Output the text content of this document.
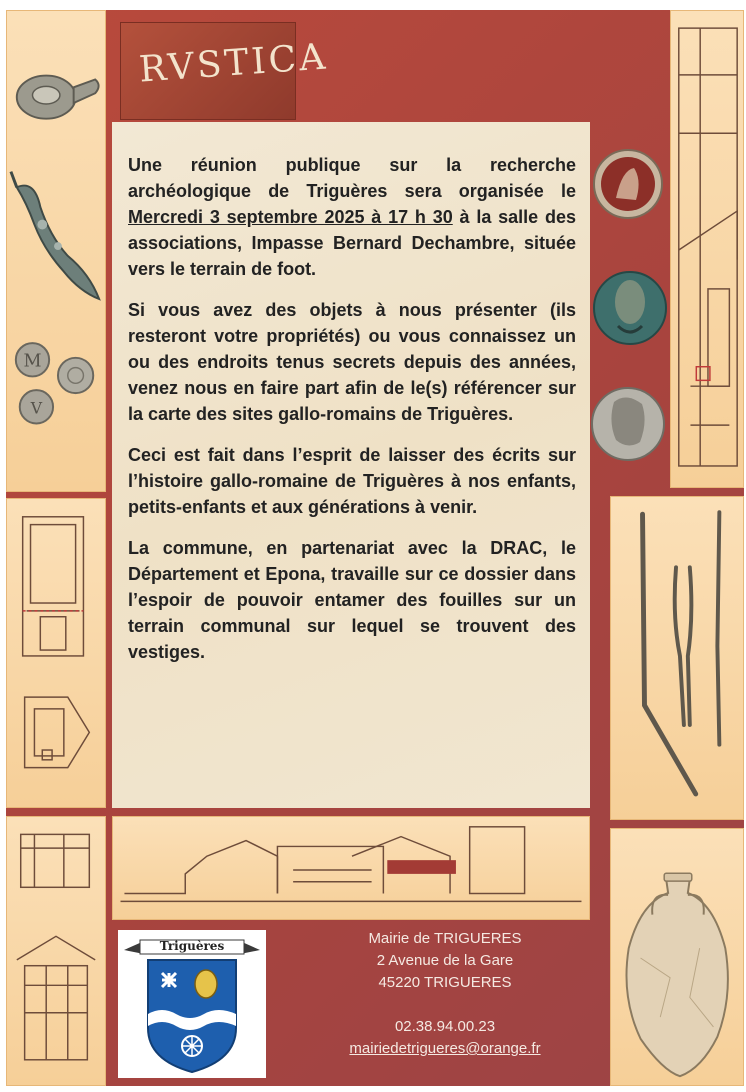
M
V
RVSTICA

Une réunion publique sur la recherche archéologique de Triguères sera organisée le Mercredi 3 septembre 2025 à 17 h 30 à la salle des associations, Impasse Bernard Dechambre, située vers le terrain de foot.

Si vous avez des objets à nous présenter (ils resteront votre propriétés) ou vous connaissez un ou des endroits tenus secrets depuis des années, venez nous en faire part afin de le(s) référencer sur la carte des sites gallo-romains de Triguères.

Ceci est fait dans l’esprit de laisser des écrits sur l’histoire gallo-romaine de Triguères à nos enfants, petits-enfants et aux générations à venir.

La commune, en partenariat avec la DRAC, le Département et Epona, travaille sur ce dossier dans l’espoir de pouvoir entamer des fouilles sur un terrain communal sur lequel se trouvent des vestiges.

Triguères	Mairie de TRIGUERES
2 Avenue de la Gare
45220 TRIGUERES
02.38.94.00.23
mairiedetrigueres@orange.fr
